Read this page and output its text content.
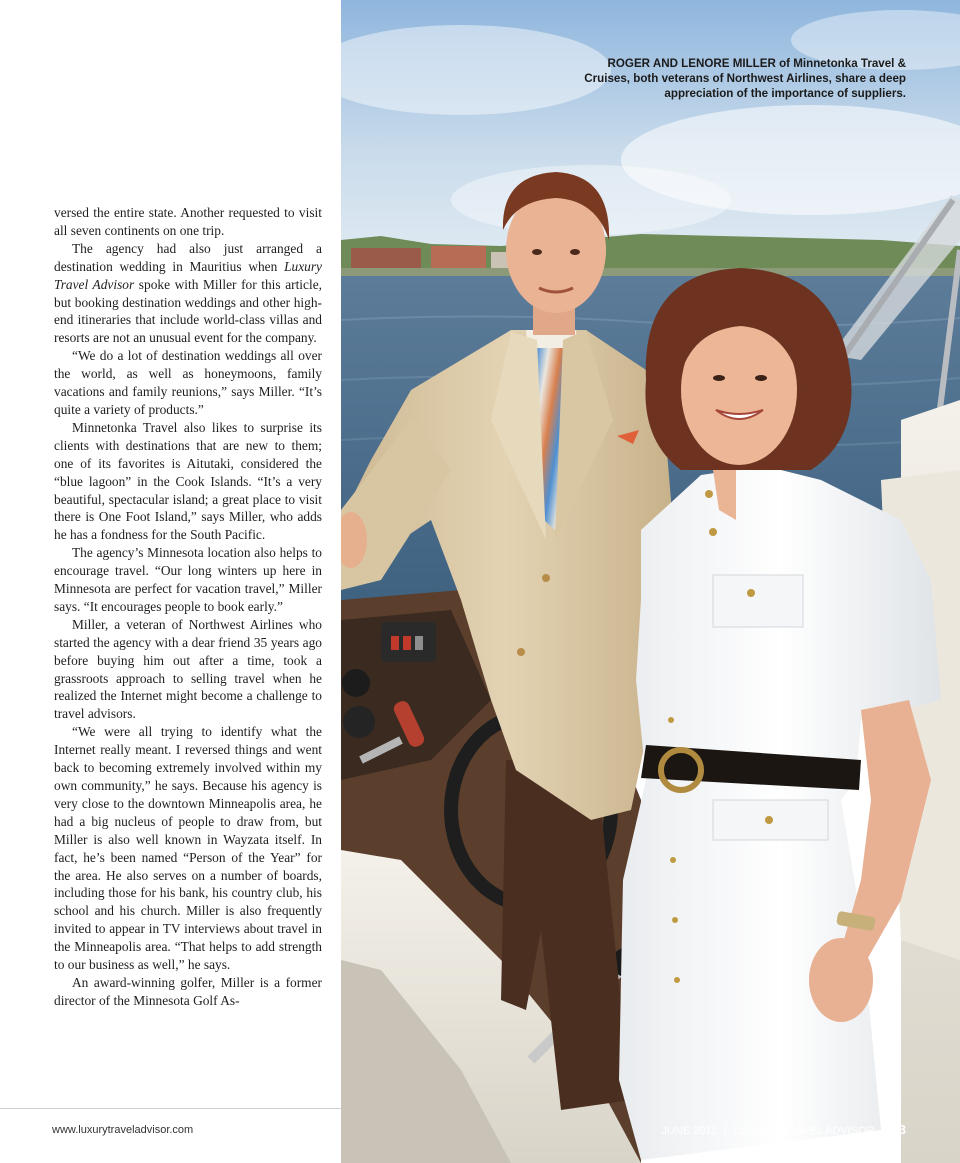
versed the entire state. Another requested to visit all seven continents on one trip.

The agency had also just arranged a destination wedding in Mauritius when Luxury Travel Advisor spoke with Miller for this article, but booking destination weddings and other high-end itineraries that include world-class villas and resorts are not an unusual event for the company.

“We do a lot of destination weddings all over the world, as well as honeymoons, family vacations and family reunions,” says Miller. “It’s quite a variety of products.”

Minnetonka Travel also likes to surprise its clients with destinations that are new to them; one of its favorites is Aitutaki, considered the “blue lagoon” in the Cook Islands. “It’s a very beautiful, spectacular island; a great place to visit there is One Foot Island,” says Miller, who adds he has a fondness for the South Pacific.

The agency’s Minnesota location also helps to encourage travel. “Our long winters up here in Minnesota are perfect for vacation travel,” Miller says. “It encourages people to book early.”

Miller, a veteran of Northwest Airlines who started the agency with a dear friend 35 years ago before buying him out after a time, took a grassroots approach to selling travel when he realized the Internet might become a challenge to travel advisors.

“We were all trying to identify what the Internet really meant. I reversed things and went back to becoming extremely involved within my own community,” he says. Because his agency is very close to the downtown Minneapolis area, he had a big nucleus of people to draw from, but Miller is also well known in Wayzata itself. In fact, he’s been named “Person of the Year” for the area. He also serves on a number of boards, including those for his bank, his country club, his school and his church. Miller is also frequently invited to appear in TV interviews about travel in the Minneapolis area. “That helps to add strength to our business as well,” he says.

An award-winning golfer, Miller is a former director of the Minnesota Golf As-

ROGER AND LENORE MILLER of Minnetonka Travel & Cruises, both veterans of Northwest Airlines, share a deep appreciation of the importance of suppliers.
www.luxurytraveladvisor.com	JUNE 2011 | LUXURY TRAVEL ADVISOR 33
